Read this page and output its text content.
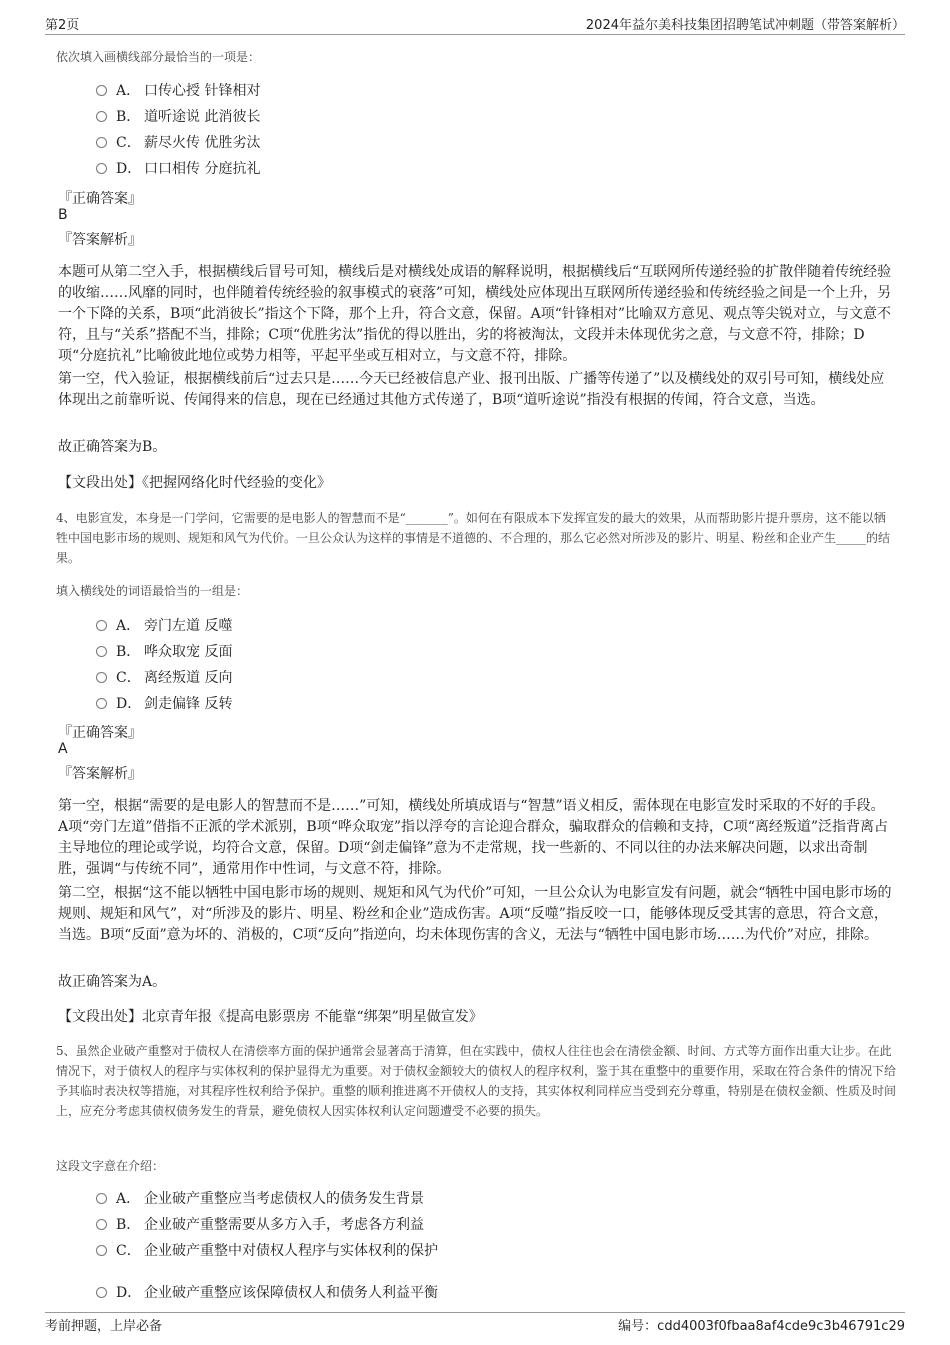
第2页	2024年益尔美科技集团招聘笔试冲刺题（带答案解析）
依次填入画横线部分最恰当的一项是：
A． 口传心授 针锋相对
B． 道听途说 此消彼长
C． 薪尽火传 优胜劣汰
D． 口口相传 分庭抗礼
『正确答案』
B
『答案解析』
本题可从第二空入手，根据横线后冒号可知，横线后是对横线处成语的解释说明，根据横线后“互联网所传递经验的扩散伴随着传统经验的收缩……风靡的同时，也伴随着传统经验的叙事模式的衰落”可知，横线处应体现出互联网所传递经验和传统经验之间是一个上升，另一个下降的关系，B项“此消彼长”指这个下降，那个上升，符合文意，保留。A项“针锋相对”比喻双方意见、观点等尖锐对立，与文意不符，且与“关系”搭配不当，排除；C项“优胜劣汰”指优的得以胜出，劣的将被淘汰，文段并未体现优劣之意，与文意不符，排除；D项“分庭抗礼”比喻彼此地位或势力相等，平起平坐或互相对立，与文意不符，排除。
第一空，代入验证，根据横线前后“过去只是……今天已经被信息产业、报刊出版、广播等传递了”以及横线处的双引号可知，横线处应体现出之前靠听说、传闻得来的信息，现在已经通过其他方式传递了，B项“道听途说”指没有根据的传闻，符合文意，当选。
故正确答案为B。
【文段出处】《把握网络化时代经验的变化》
4、电影宣发，本身是一门学问，它需要的是电影人的智慧而不是“_______”。如何在有限成本下发挥宣发的最大的效果，从而帮助影片提升票房，这不能以牺牲中国电影市场的规则、规矩和风气为代价。一旦公众认为这样的事情是不道德的、不合理的，那么它必然对所涉及的影片、明星、粉丝和企业产生_____的结果。
填入横线处的词语最恰当的一组是：
A． 旁门左道 反噬
B． 哗众取宠 反面
C． 离经叛道 反向
D． 剑走偏锋 反转
『正确答案』
A
『答案解析』
第一空，根据“需要的是电影人的智慧而不是……”可知，横线处所填成语与“智慧”语义相反，需体现在电影宣发时采取的不好的手段。A项“旁门左道”借指不正派的学术派别，B项“哗众取宠”指以浮夸的言论迎合群众，骗取群众的信赖和支持，C项“离经叛道”泛指背离占主导地位的理论或学说，均符合文意，保留。D项“剑走偏锋”意为不走常规，找一些新的、不同以往的办法来解决问题，以求出奇制胜，强调“与传统不同”，通常用作中性词，与文意不符，排除。
第二空，根据“这不能以牺牲中国电影市场的规则、规矩和风气为代价”可知，一旦公众认为电影宣发有问题，就会“牺牲中国电影市场的规则、规矩和风气”，对“所涉及的影片、明星、粉丝和企业”造成伤害。A项“反噬”指反咬一口，能够体现反受其害的意思，符合文意，当选。B项“反面”意为坏的、消极的，C项“反向”指逆向，均未体现伤害的含义，无法与“牺牲中国电影市场……为代价”对应，排除。
故正确答案为A。
【文段出处】北京青年报《提高电影票房 不能靠“绑架”明星做宣发》
5、虽然企业破产重整对于债权人在清偿率方面的保护通常会显著高于清算，但在实践中，债权人往往也会在清偿金额、时间、方式等方面作出重大让步。在此情况下，对于债权人的程序与实体权利的保护显得尤为重要。对于债权金额较大的债权人的程序权利，鉴于其在重整中的重要作用，采取在符合条件的情况下给予其临时表决权等措施，对其程序性权利给予保护。重整的顺利推进离不开债权人的支持，其实体权利同样应当受到充分尊重，特别是在债权金额、性质及时间上，应充分考虑其债权债务发生的背景，避免债权人因实体权利认定问题遭受不必要的损失。
这段文字意在介绍：
A． 企业破产重整应当考虑债权人的债务发生背景
B． 企业破产重整需要从多方入手，考虑各方利益
C． 企业破产重整中对债权人程序与实体权利的保护
D． 企业破产重整应该保障债权人和债务人利益平衡
考前押题，上岸必备	编号：cdd4003f0fbaa8af4cde9c3b46791c29
